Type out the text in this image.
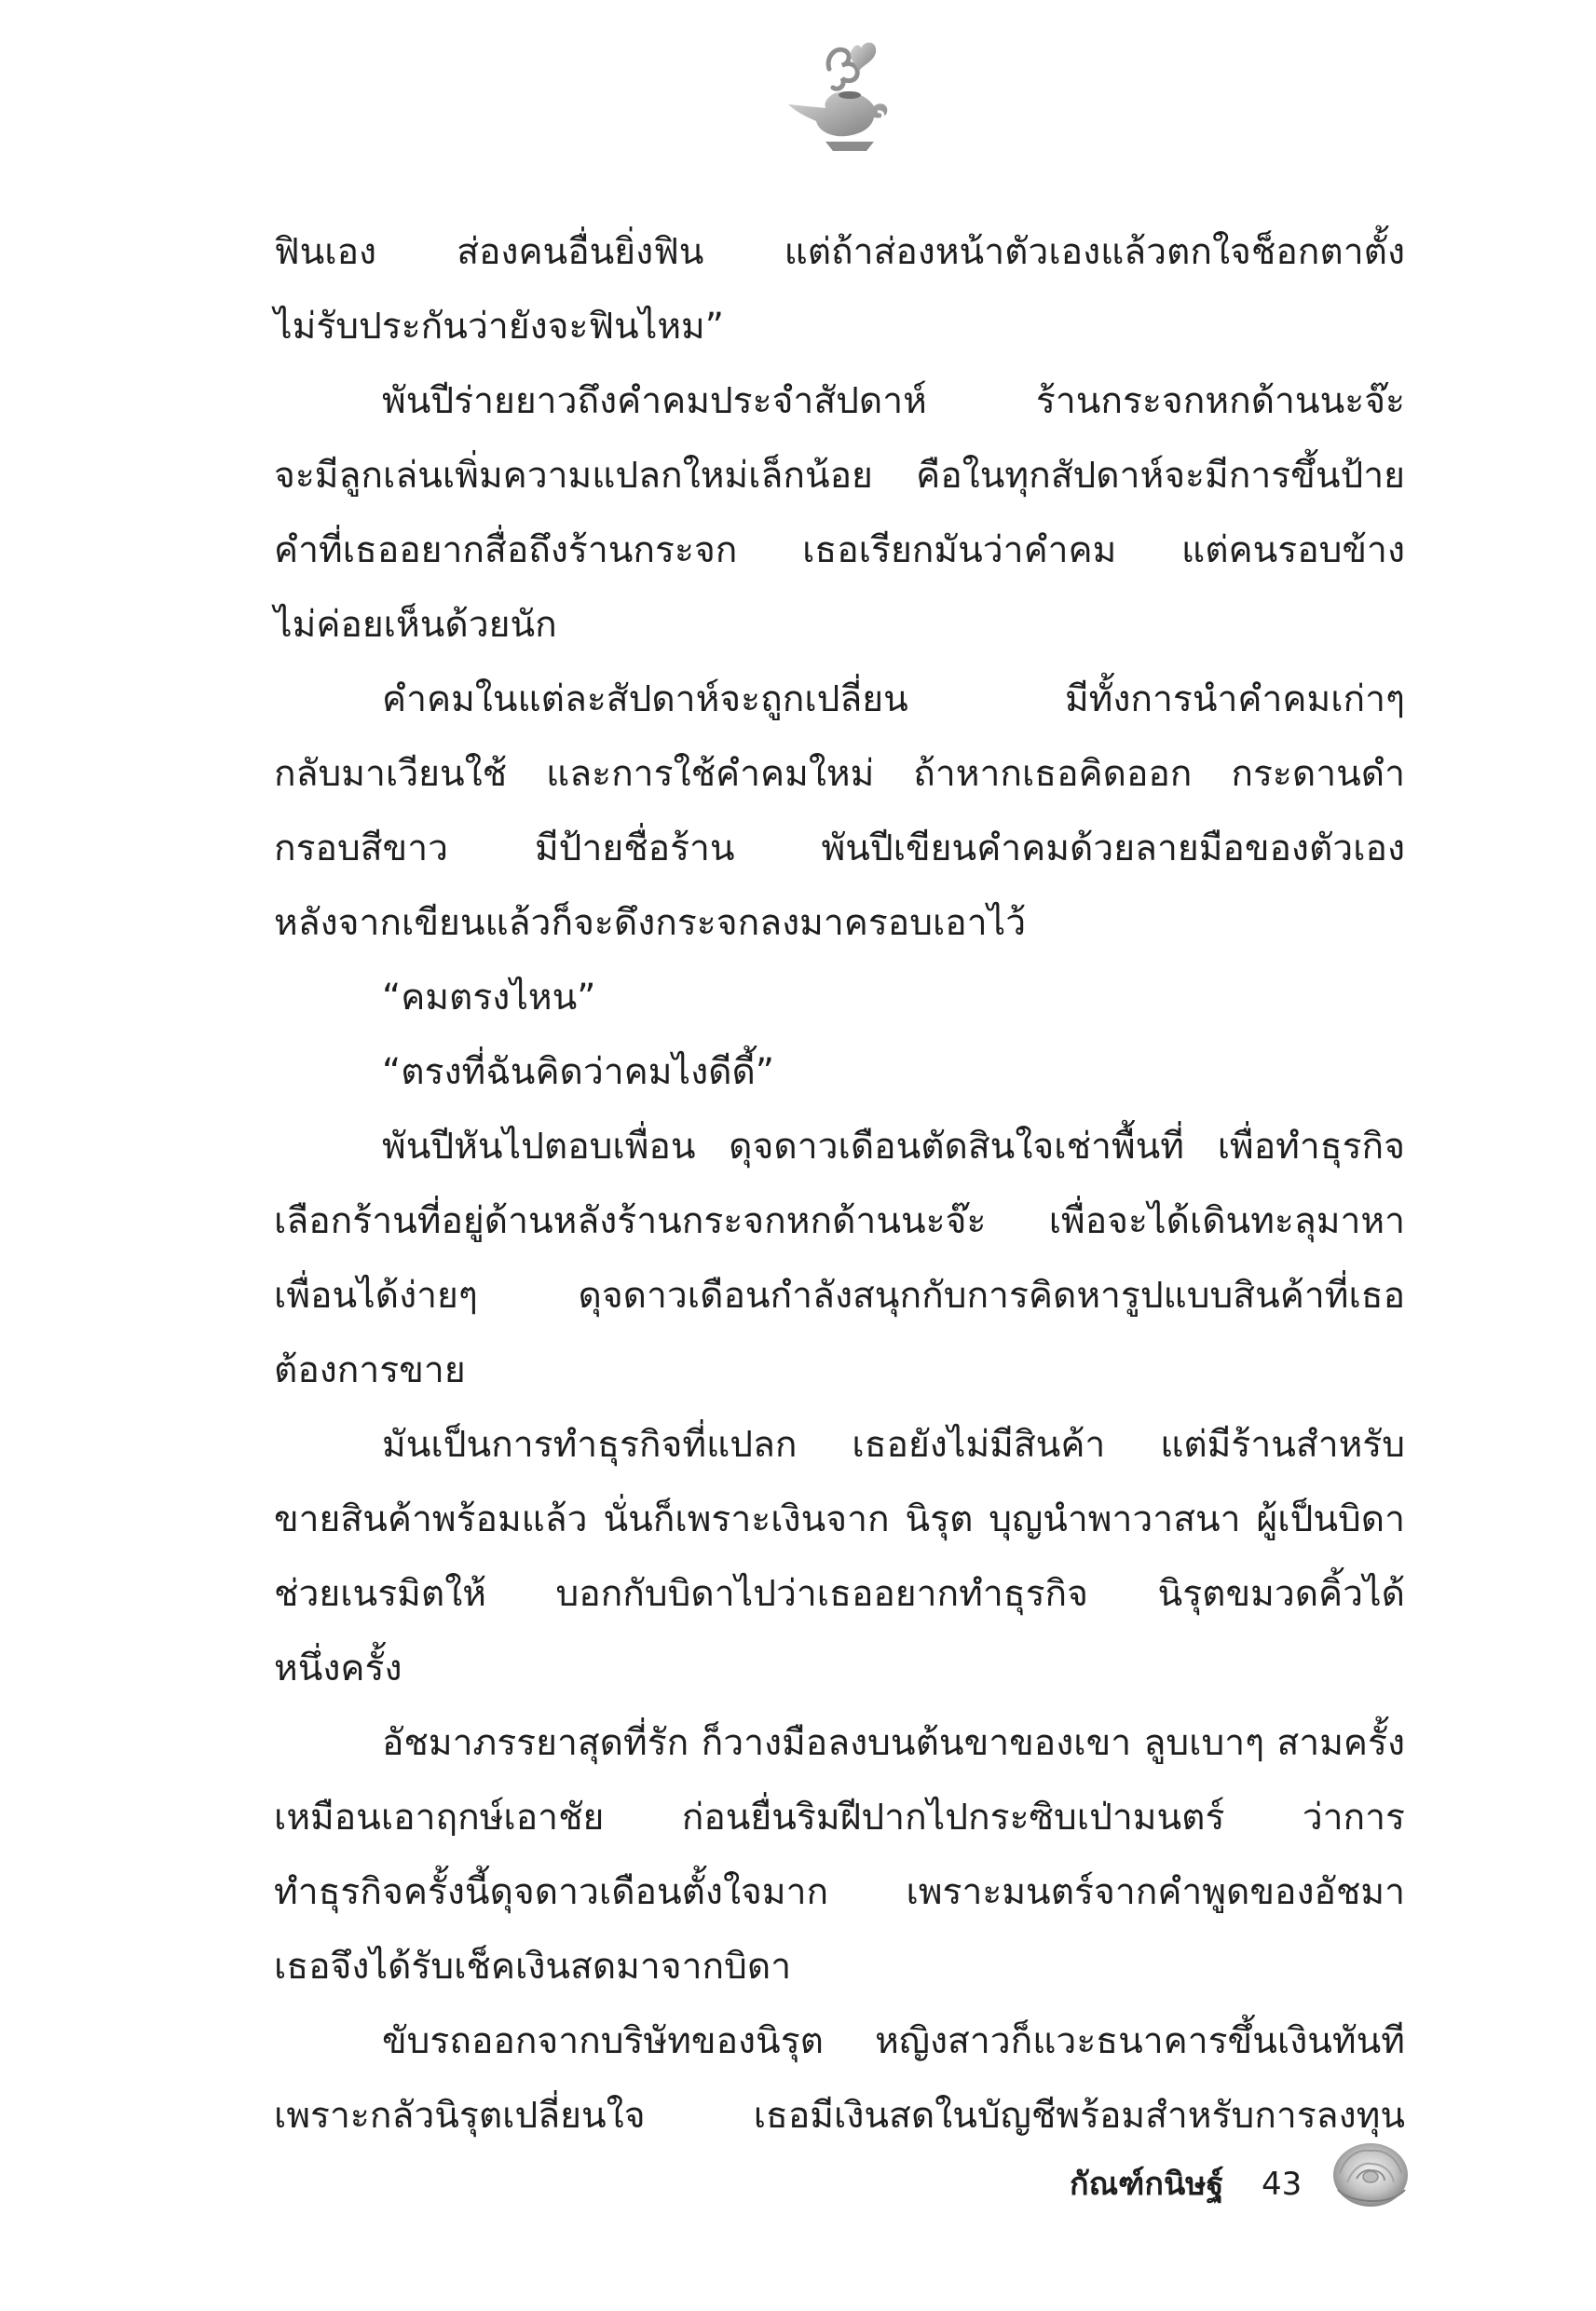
ฟินเอง ส่องคนอื่นยิ่งฟิน แต่ถ้าส่องหน้าตัวเองแล้วตกใจช็อกตาตั้ง
ไม่รับประกันว่ายังจะฟินไหม”
พันปีร่ายยาวถึงคำคมประจำสัปดาห์ ร้านกระจกหกด้านนะจ๊ะ
จะมีลูกเล่นเพิ่มความแปลกใหม่เล็กน้อย คือในทุกสัปดาห์จะมีการขึ้นป้าย
คำที่เธออยากสื่อถึงร้านกระจก เธอเรียกมันว่าคำคม แต่คนรอบข้าง
ไม่ค่อยเห็นด้วยนัก
คำคมในแต่ละสัปดาห์จะถูกเปลี่ยน มีทั้งการนำคำคมเก่าๆ
กลับมาเวียนใช้ และการใช้คำคมใหม่ ถ้าหากเธอคิดออก กระดานดำ
กรอบสีขาว มีป้ายชื่อร้าน พันปีเขียนคำคมด้วยลายมือของตัวเอง
หลังจากเขียนแล้วก็จะดึงกระจกลงมาครอบเอาไว้
“คมตรงไหน”
“ตรงที่ฉันคิดว่าคมไงดีดี้”
พันปีหันไปตอบเพื่อน ดุจดาวเดือนตัดสินใจเช่าพื้นที่ เพื่อทำธุรกิจ
เลือกร้านที่อยู่ด้านหลังร้านกระจกหกด้านนะจ๊ะ เพื่อจะได้เดินทะลุมาหา
เพื่อนได้ง่ายๆ ดุจดาวเดือนกำลังสนุกกับการคิดหารูปแบบสินค้าที่เธอ
ต้องการขาย
มันเป็นการทำธุรกิจที่แปลก เธอยังไม่มีสินค้า แต่มีร้านสำหรับ
ขายสินค้าพร้อมแล้ว นั่นก็เพราะเงินจาก นิรุต บุญนำพาวาสนา ผู้เป็นบิดา
ช่วยเนรมิตให้ บอกกับบิดาไปว่าเธออยากทำธุรกิจ นิรุตขมวดคิ้วได้
หนึ่งครั้ง
อัชมาภรรยาสุดที่รัก ก็วางมือลงบนต้นขาของเขา ลูบเบาๆ สามครั้ง
เหมือนเอาฤกษ์เอาชัย ก่อนยื่นริมฝีปากไปกระซิบเป่ามนตร์ ว่าการ
ทำธุรกิจครั้งนี้ดุจดาวเดือนตั้งใจมาก เพราะมนตร์จากคำพูดของอัชมา
เธอจึงได้รับเช็คเงินสดมาจากบิดา
ขับรถออกจากบริษัทของนิรุต หญิงสาวก็แวะธนาคารขึ้นเงินทันที
เพราะกลัวนิรุตเปลี่ยนใจ เธอมีเงินสดในบัญชีพร้อมสำหรับการลงทุน
กัณฑ์กนิษฐ์ 43
